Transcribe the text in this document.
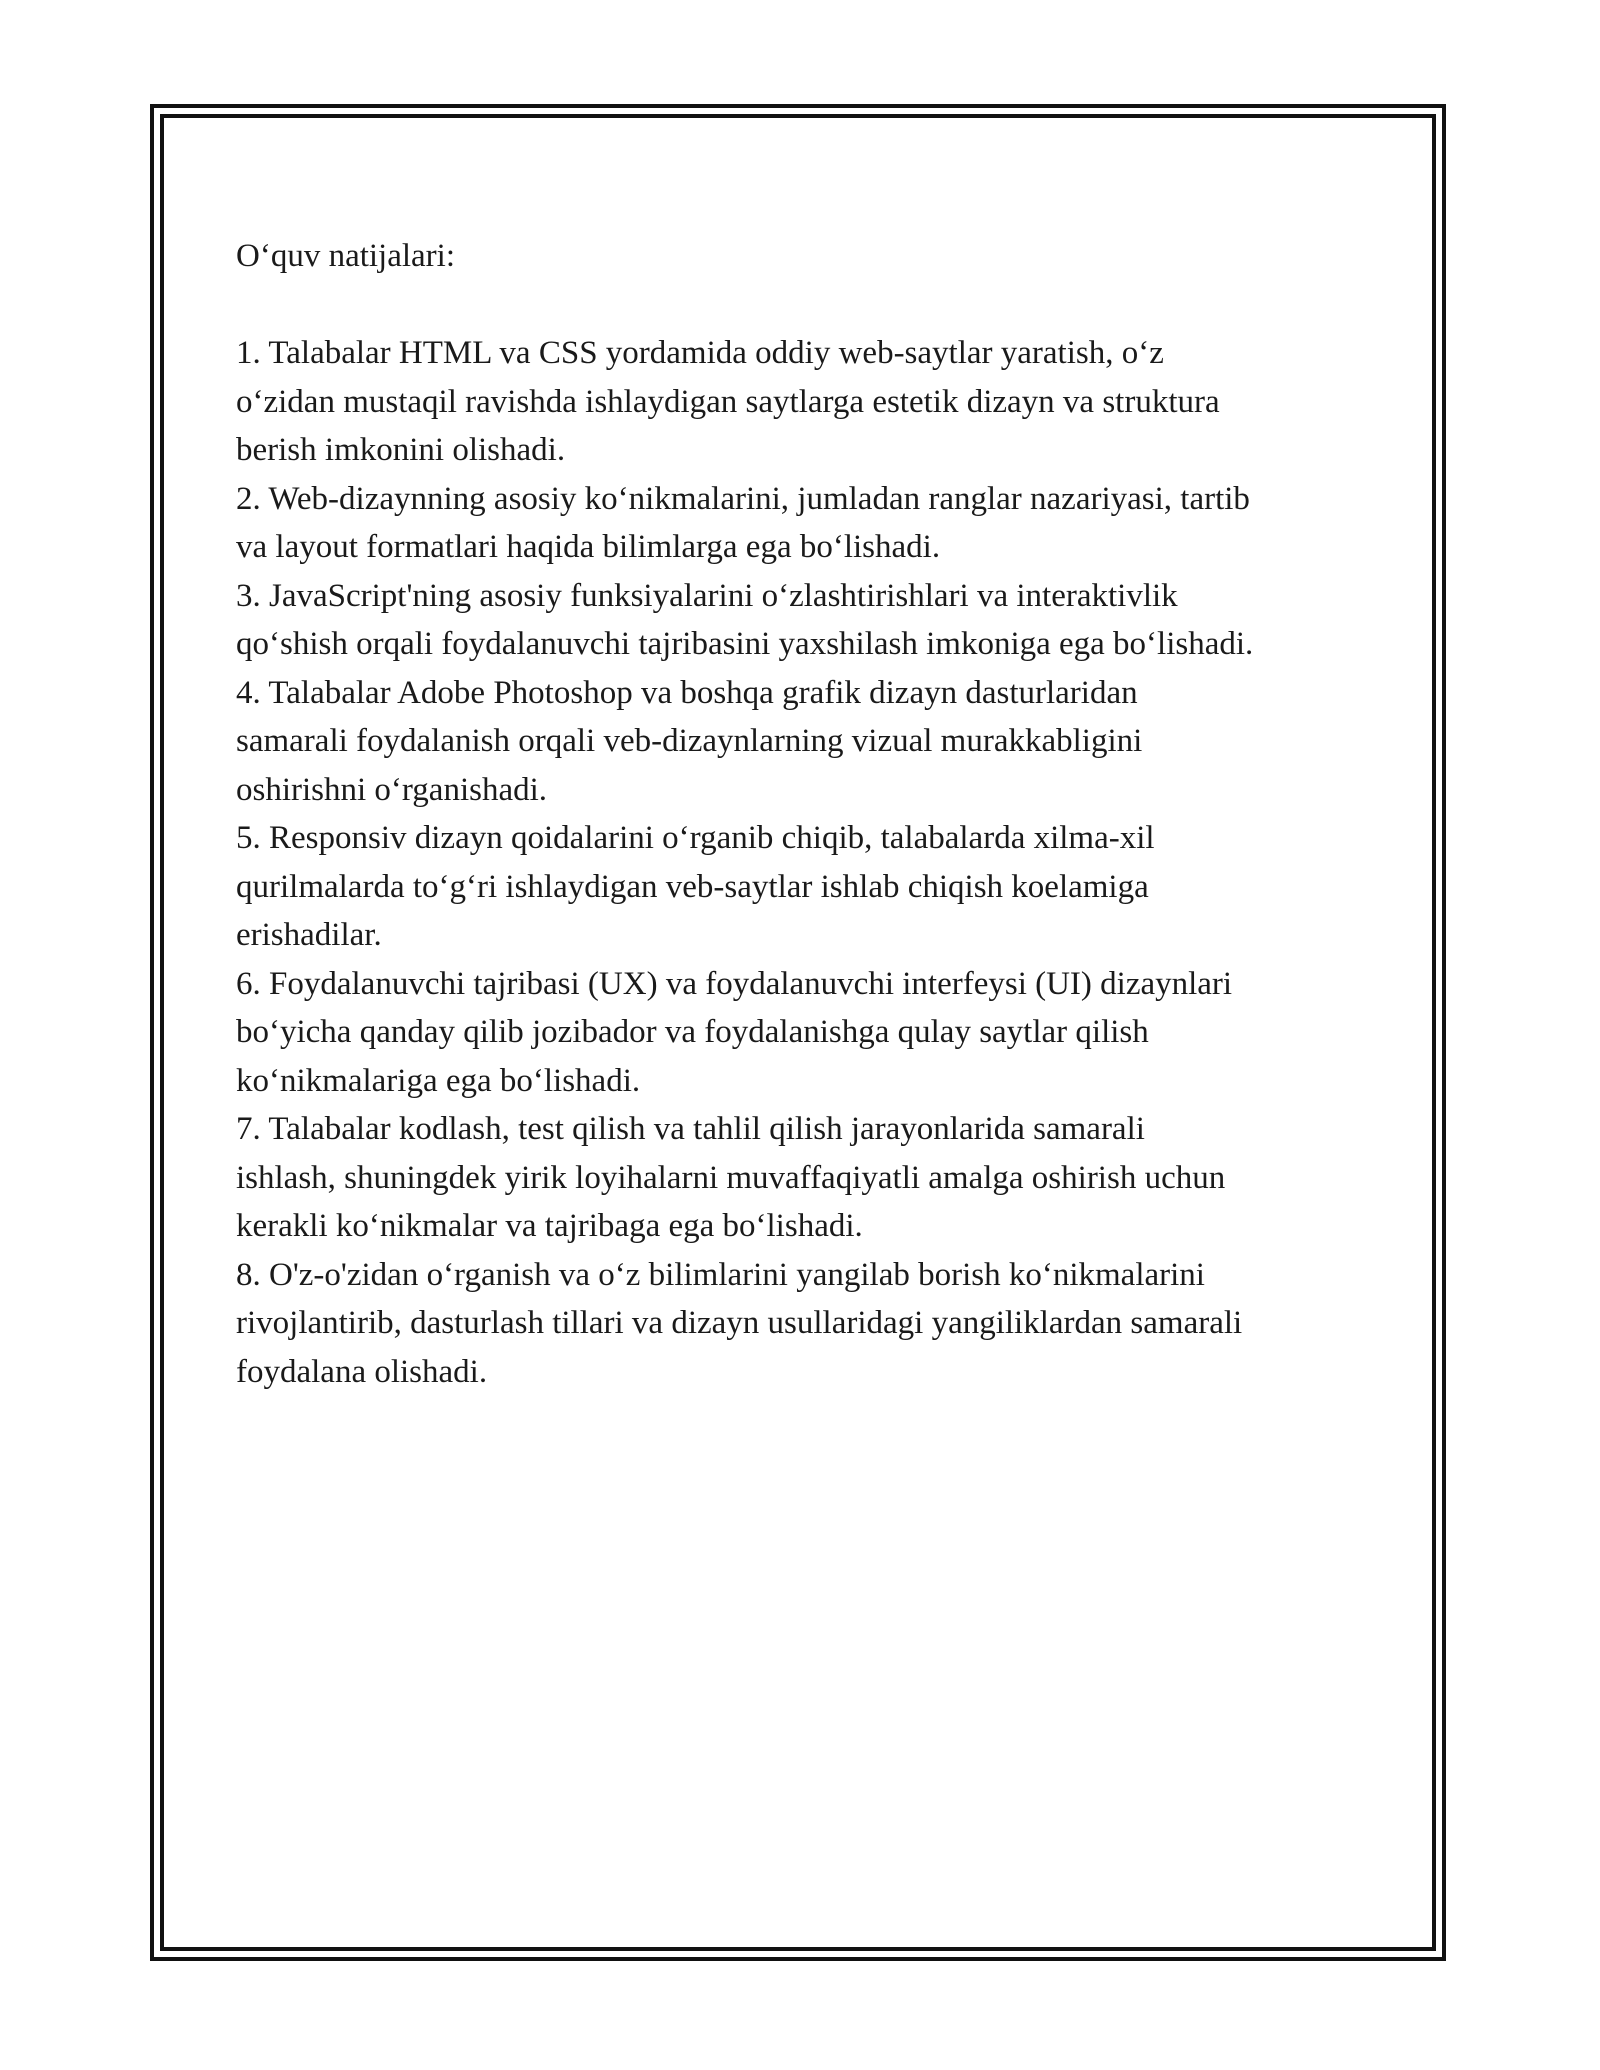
O‘quv natijalari:

1. Talabalar HTML va CSS yordamida oddiy web-saytlar yaratish, o‘z
o‘zidan mustaqil ravishda ishlaydigan saytlarga estetik dizayn va struktura
berish imkonini olishadi.

2. Web-dizaynning asosiy ko‘nikmalarini, jumladan ranglar nazariyasi, tartib
va layout formatlari haqida bilimlarga ega bo‘lishadi.

3. JavaScript'ning asosiy funksiyalarini o‘zlashtirishlari va interaktivlik
qo‘shish orqali foydalanuvchi tajribasini yaxshilash imkoniga ega bo‘lishadi.

4. Talabalar Adobe Photoshop va boshqa grafik dizayn dasturlaridan
samarali foydalanish orqali veb-dizaynlarning vizual murakkabligini
oshirishni o‘rganishadi.

5. Responsiv dizayn qoidalarini o‘rganib chiqib, talabalarda xilma-xil
qurilmalarda to‘g‘ri ishlaydigan veb-saytlar ishlab chiqish koelamiga
erishadilar.

6. Foydalanuvchi tajribasi (UX) va foydalanuvchi interfeysi (UI) dizaynlari
bo‘yicha qanday qilib jozibador va foydalanishga qulay saytlar qilish
ko‘nikmalariga ega bo‘lishadi.

7. Talabalar kodlash, test qilish va tahlil qilish jarayonlarida samarali
ishlash, shuningdek yirik loyihalarni muvaffaqiyatli amalga oshirish uchun
kerakli ko‘nikmalar va tajribaga ega bo‘lishadi.

8. O'z-o'zidan o‘rganish va o‘z bilimlarini yangilab borish ko‘nikmalarini
rivojlantirib, dasturlash tillari va dizayn usullaridagi yangiliklardan samarali
foydalana olishadi.
